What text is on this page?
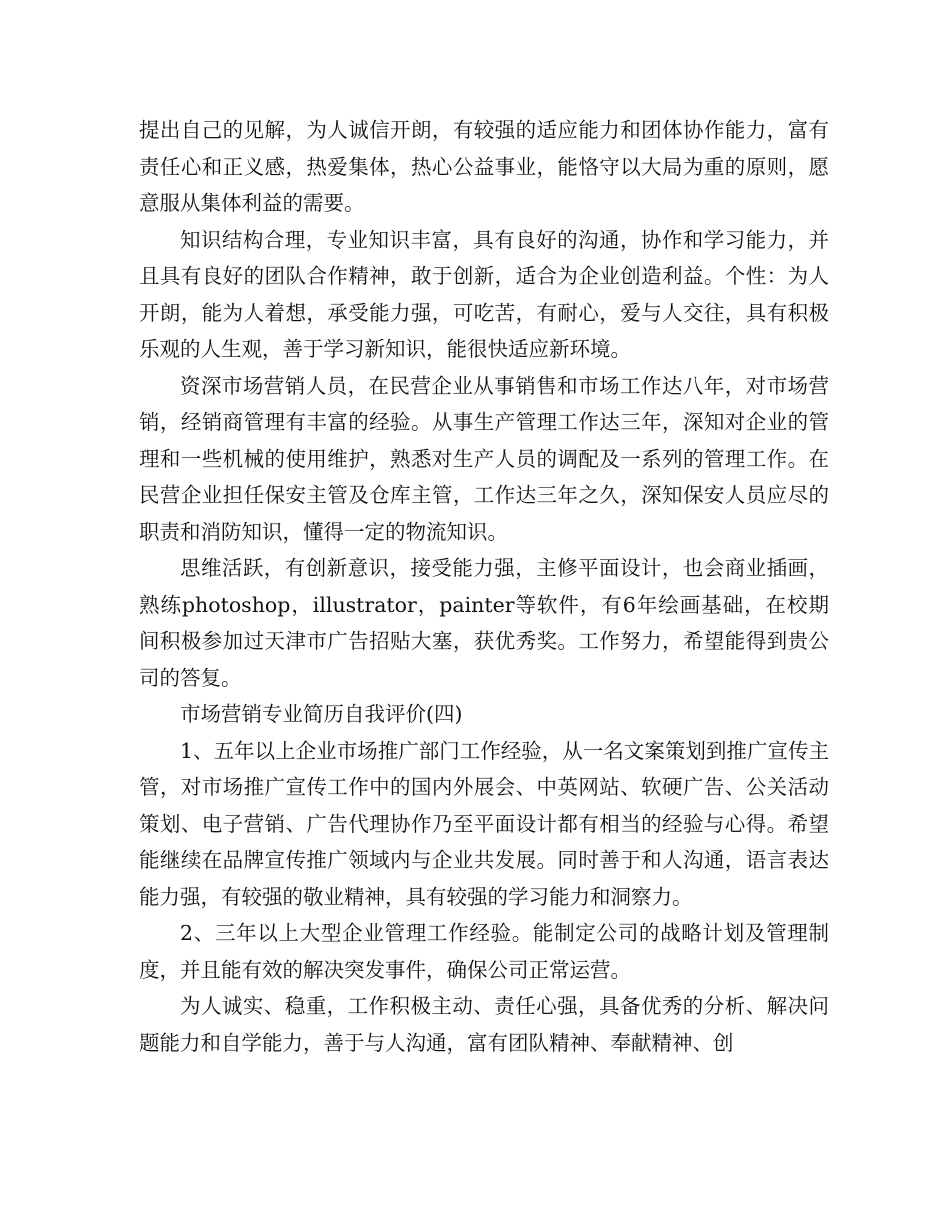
提出自己的见解，为人诚信开朗，有较强的适应能力和团体协作能力，富有责任心和正义感，热爱集体，热心公益事业，能恪守以大局为重的原则，愿意服从集体利益的需要。

知识结构合理，专业知识丰富，具有良好的沟通，协作和学习能力，并且具有良好的团队合作精神，敢于创新，适合为企业创造利益。个性：为人开朗，能为人着想，承受能力强，可吃苦，有耐心，爱与人交往，具有积极乐观的人生观，善于学习新知识，能很快适应新环境。

资深市场营销人员，在民营企业从事销售和市场工作达八年，对市场营销，经销商管理有丰富的经验。从事生产管理工作达三年，深知对企业的管理和一些机械的使用维护，熟悉对生产人员的调配及一系列的管理工作。在民营企业担任保安主管及仓库主管，工作达三年之久，深知保安人员应尽的职责和消防知识，懂得一定的物流知识。

思维活跃，有创新意识，接受能力强，主修平面设计，也会商业插画，熟练photoshop，illustrator，painter等软件，有6年绘画基础，在校期间积极参加过天津市广告招贴大塞，获优秀奖。工作努力，希望能得到贵公司的答复。

市场营销专业简历自我评价(四)

1、五年以上企业市场推广部门工作经验，从一名文案策划到推广宣传主管，对市场推广宣传工作中的国内外展会、中英网站、软硬广告、公关活动策划、电子营销、广告代理协作乃至平面设计都有相当的经验与心得。希望能继续在品牌宣传推广领域内与企业共发展。同时善于和人沟通，语言表达能力强，有较强的敬业精神，具有较强的学习能力和洞察力。

2、三年以上大型企业管理工作经验。能制定公司的战略计划及管理制度，并且能有效的解决突发事件，确保公司正常运营。

为人诚实、稳重，工作积极主动、责任心强，具备优秀的分析、解决问题能力和自学能力，善于与人沟通，富有团队精神、奉献精神、创
